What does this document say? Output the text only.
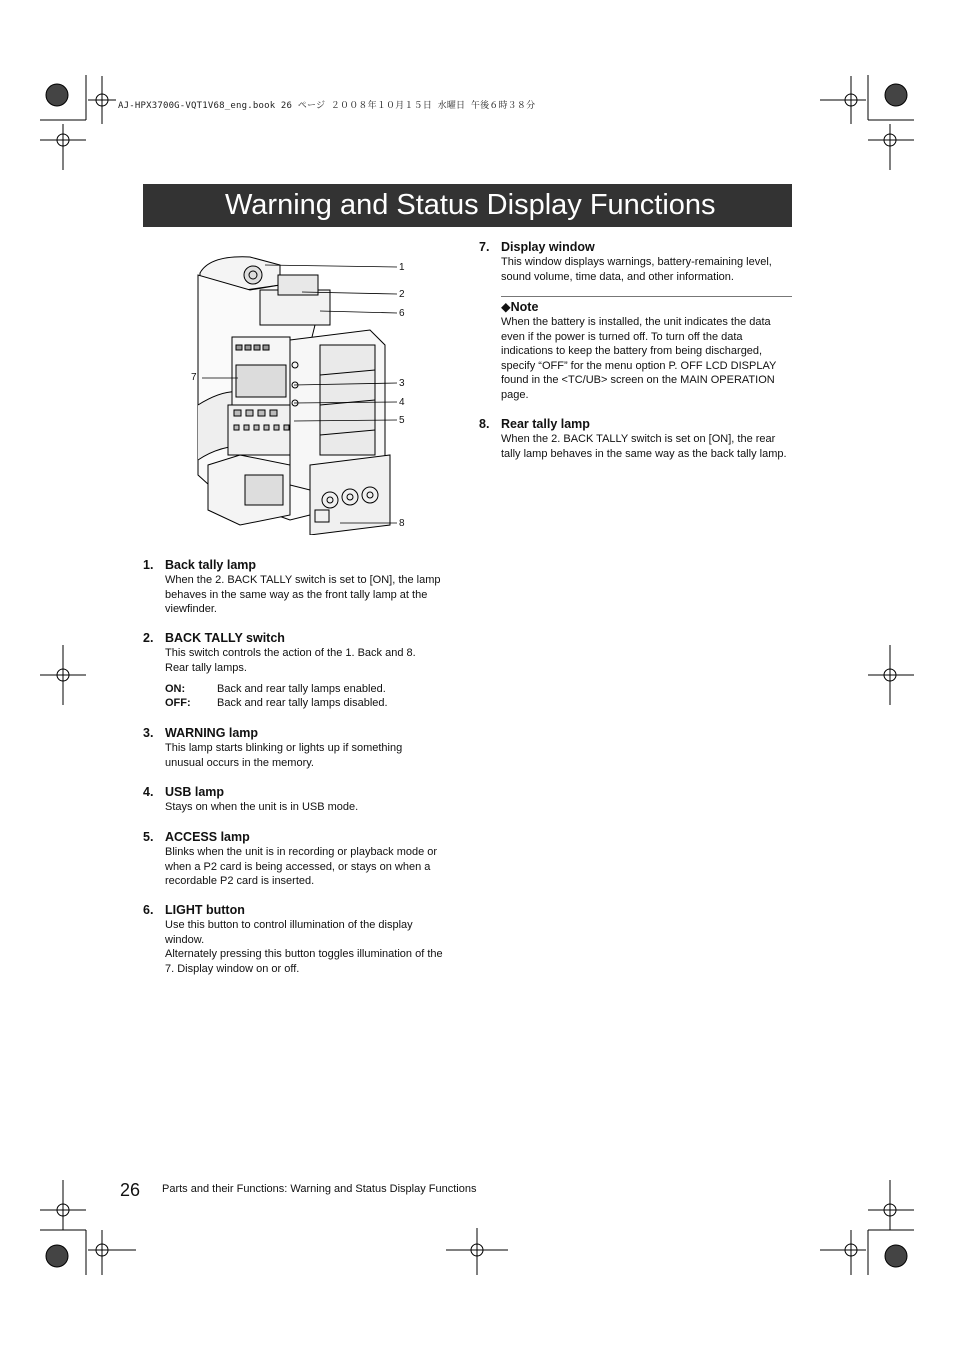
AJ-HPX3700G-VQT1V68_eng.book 26 ページ ２００８年１０月１５日 水曜日 午後６時３８分
Warning and Status Display Functions
1
2
6
7
3
4
5
8
1. Back tally lamp

When the 2. BACK TALLY switch is set to [ON], the lamp behaves in the same way as the front tally lamp at the viewfinder.

2. BACK TALLY switch

This switch controls the action of the 1. Back and 8. Rear tally lamps.

ON:	Back and rear tally lamps enabled.
OFF: Back and rear tally lamps disabled.
3. WARNING lamp

This lamp starts blinking or lights up if something unusual occurs in the memory.

4. USB lamp

Stays on when the unit is in USB mode.

5. ACCESS lamp

Blinks when the unit is in recording or playback mode or when a P2 card is being accessed, or stays on when a recordable P2 card is inserted.

6. LIGHT button

Use this button to control illumination of the display window.

Alternately pressing this button toggles illumination of the 7. Display window on or off.

7. Display window

This window displays warnings, battery-remaining level, sound volume, time data, and other information.

◆Note
When the battery is installed, the unit indicates the data even if the power is turned off. To turn off the data indications to keep the battery from being discharged, specify “OFF” for the menu option P. OFF LCD DISPLAY found in the <TC/UB> screen on the MAIN OPERATION page.
8. Rear tally lamp

When the 2. BACK TALLY switch is set on [ON], the rear tally lamp behaves in the same way as the back tally lamp.

26 Parts and their Functions: Warning and Status Display Functions
